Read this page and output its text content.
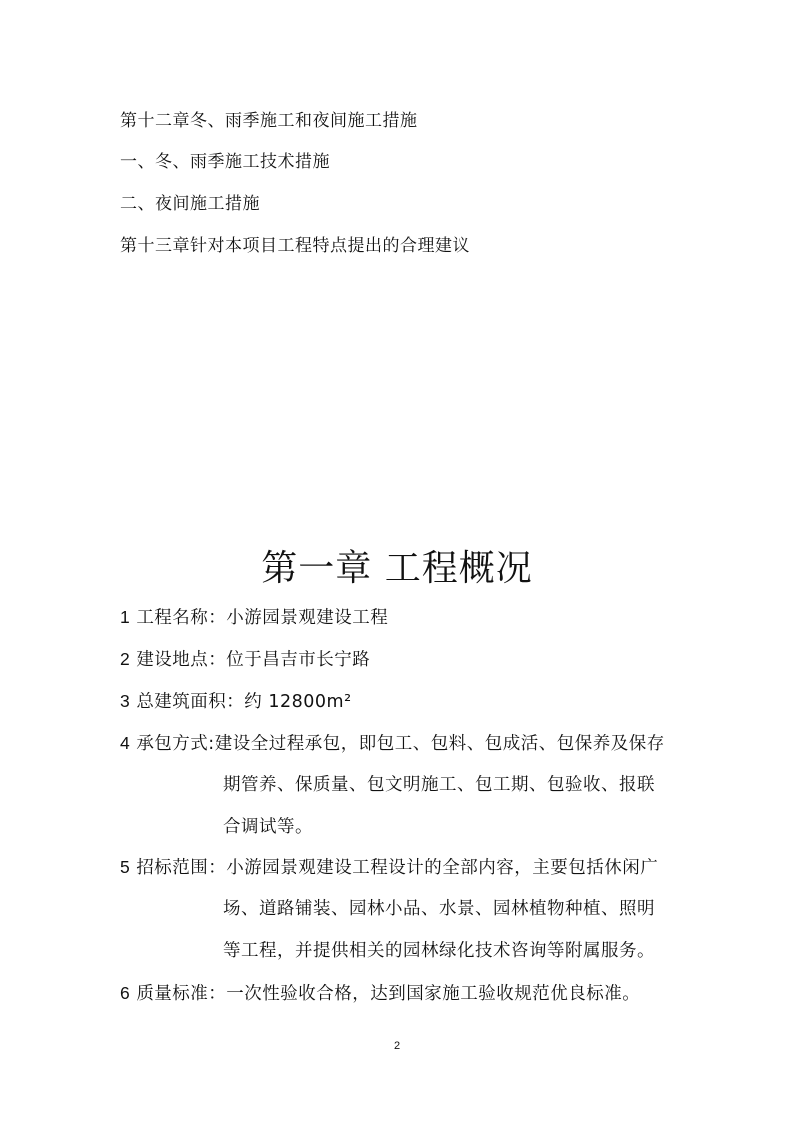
第十二章冬、雨季施工和夜间施工措施
一、冬、雨季施工技术措施
二、夜间施工措施
第十三章针对本项目工程特点提出的合理建议
第一章 工程概况
1 工程名称：小游园景观建设工程
2 建设地点：位于昌吉市长宁路
3 总建筑面积：约 12800m²
4 承包方式:建设全过程承包，即包工、包料、包成活、包保养及保存
期管养、保质量、包文明施工、包工期、包验收、报联
合调试等。
5 招标范围：小游园景观建设工程设计的全部内容，主要包括休闲广
场、道路铺装、园林小品、水景、园林植物种植、照明
等工程，并提供相关的园林绿化技术咨询等附属服务。
6 质量标准：一次性验收合格，达到国家施工验收规范优良标准。
2
